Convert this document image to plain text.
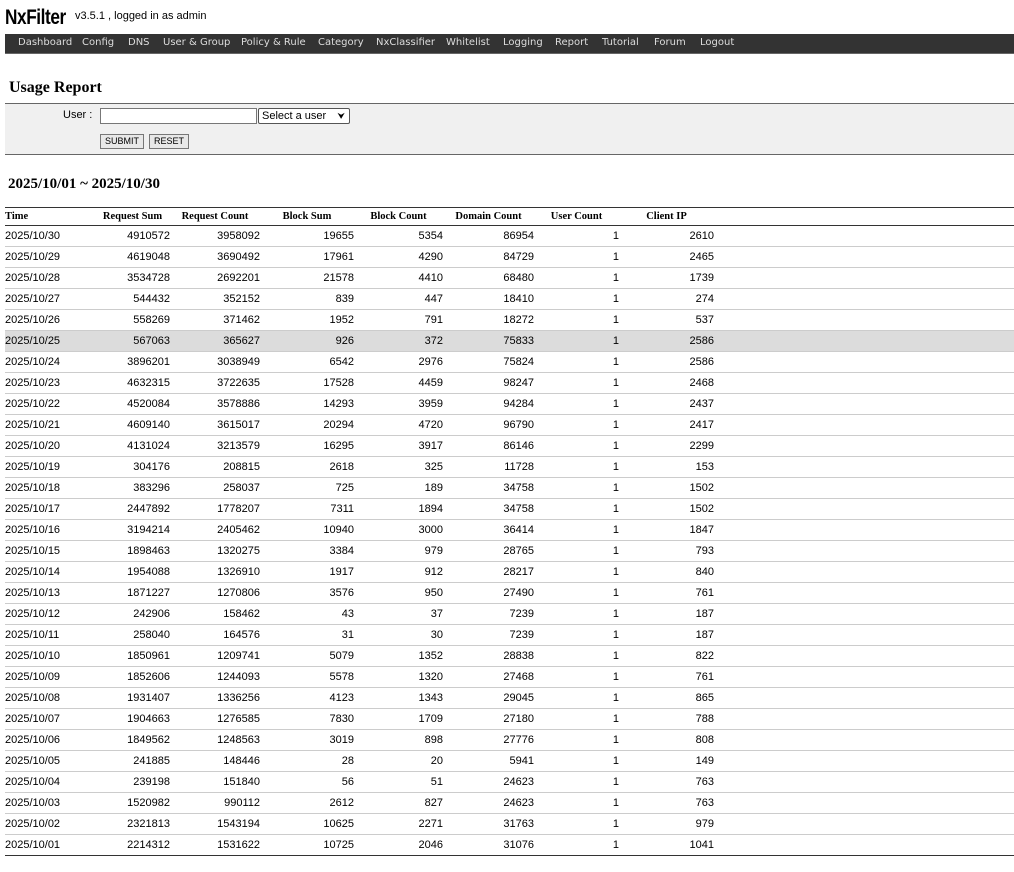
NxFilter v3.5.1 , logged in as admin
Dashboard Config DNS User & Group Policy & Rule Category NxClassifier Whitelist Logging Report Tutorial Forum Logout
Usage Report
User :	Select a user ⮟
SUBMIT	RESET
2025/10/01 ~ 2025/10/30
Time	Request Sum	Request Count	Block Sum	Block Count	Domain Count	User Count	Client IP	
2025/10/30	4910572	3958092	19655	5354	86954	1	2610	
2025/10/29	4619048	3690492	17961	4290	84729	1	2465	
2025/10/28	3534728	2692201	21578	4410	68480	1	1739	
2025/10/27	544432	352152	839	447	18410	1	274	
2025/10/26	558269	371462	1952	791	18272	1	537	
2025/10/25	567063	365627	926	372	75833	1	2586	
2025/10/24	3896201	3038949	6542	2976	75824	1	2586	
2025/10/23	4632315	3722635	17528	4459	98247	1	2468	
2025/10/22	4520084	3578886	14293	3959	94284	1	2437	
2025/10/21	4609140	3615017	20294	4720	96790	1	2417	
2025/10/20	4131024	3213579	16295	3917	86146	1	2299	
2025/10/19	304176	208815	2618	325	11728	1	153	
2025/10/18	383296	258037	725	189	34758	1	1502	
2025/10/17	2447892	1778207	7311	1894	34758	1	1502	
2025/10/16	3194214	2405462	10940	3000	36414	1	1847	
2025/10/15	1898463	1320275	3384	979	28765	1	793	
2025/10/14	1954088	1326910	1917	912	28217	1	840	
2025/10/13	1871227	1270806	3576	950	27490	1	761	
2025/10/12	242906	158462	43	37	7239	1	187	
2025/10/11	258040	164576	31	30	7239	1	187	
2025/10/10	1850961	1209741	5079	1352	28838	1	822	
2025/10/09	1852606	1244093	5578	1320	27468	1	761	
2025/10/08	1931407	1336256	4123	1343	29045	1	865	
2025/10/07	1904663	1276585	7830	1709	27180	1	788	
2025/10/06	1849562	1248563	3019	898	27776	1	808	
2025/10/05	241885	148446	28	20	5941	1	149	
2025/10/04	239198	151840	56	51	24623	1	763	
2025/10/03	1520982	990112	2612	827	24623	1	763	
2025/10/02	2321813	1543194	10625	2271	31763	1	979	
2025/10/01	2214312	1531622	10725	2046	31076	1	1041	
